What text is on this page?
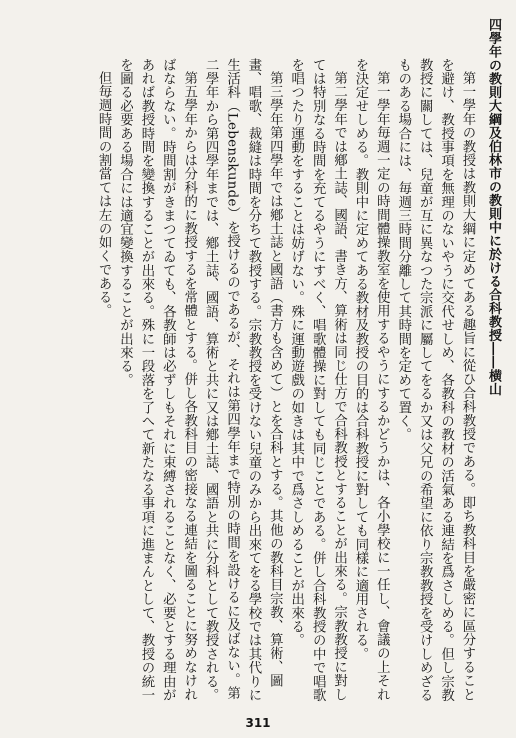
四學年の教則大綱及伯林市の教則中に於ける合科教授――横山

第一學年の教授は教則大綱に定めてある趣旨に從ひ合科教授である。即ち教科目を嚴密に區分することを避け、教授事項を無理のないやうに交代せしめ、各教科の教材の活氣ある連結を爲さしめる。但し宗教教授に關しては、兒童が互に異なつた宗派に屬してをるか又は父兄の希望に依り宗教教授を受けしめざるものある場合には、毎週三時間分離して其時間を定めて置く。

第一學年毎週一定の時間體操教室を使用するやうにするかどうかは、各小學校に一任し、會議の上それを決定せしめる。教則中に定めてある教材及教授の目的は合科教授に對しても同樣に適用される。

第二學年では鄕土誌、國語、書き方、算術は同じ仕方で合科教授とすることが出來る。宗教教授に對しては特別なる時間を充てるやうにすべく、唱歌體操に對しても同じことである。併し合科教授の中で唱歌を唱つたり運動をすることは妨げない。殊に運動遊戲の如きは其中で爲さしめることが出來る。

第三學年第四學年では鄕土誌と國語（書方も含めて）とを合科とする。其他の教科目宗教、算術、圖畫、唱歌、裁縫は時間を分ちて教授する。宗教教授を受けない兒童のみから出來てをる學校では其代りに生活科（Lebenskunde）を授けるのであるが、それは第四學年まで特別の時間を設けるに及ばない。第二學年から第四學年までは、鄕土誌、國語、算術と共に又は鄕土誌、國語と共に分科として教授される。

第五學年からは分科的に教授するを常體とする。併し各教科目の密接なる連結を圖ることに努めなければならない。時間割がきまつてゐても、各教師は必ずしもそれに束縛されることなく、必要とする理由があれば教授時間を變換することが出來る。殊に一段落を了へて新たなる事項に進まんとして、教授の統一を圖る必要ある場合には適宜變換することが出來る。

但毎週時間の割當ては左の如くである。

311
